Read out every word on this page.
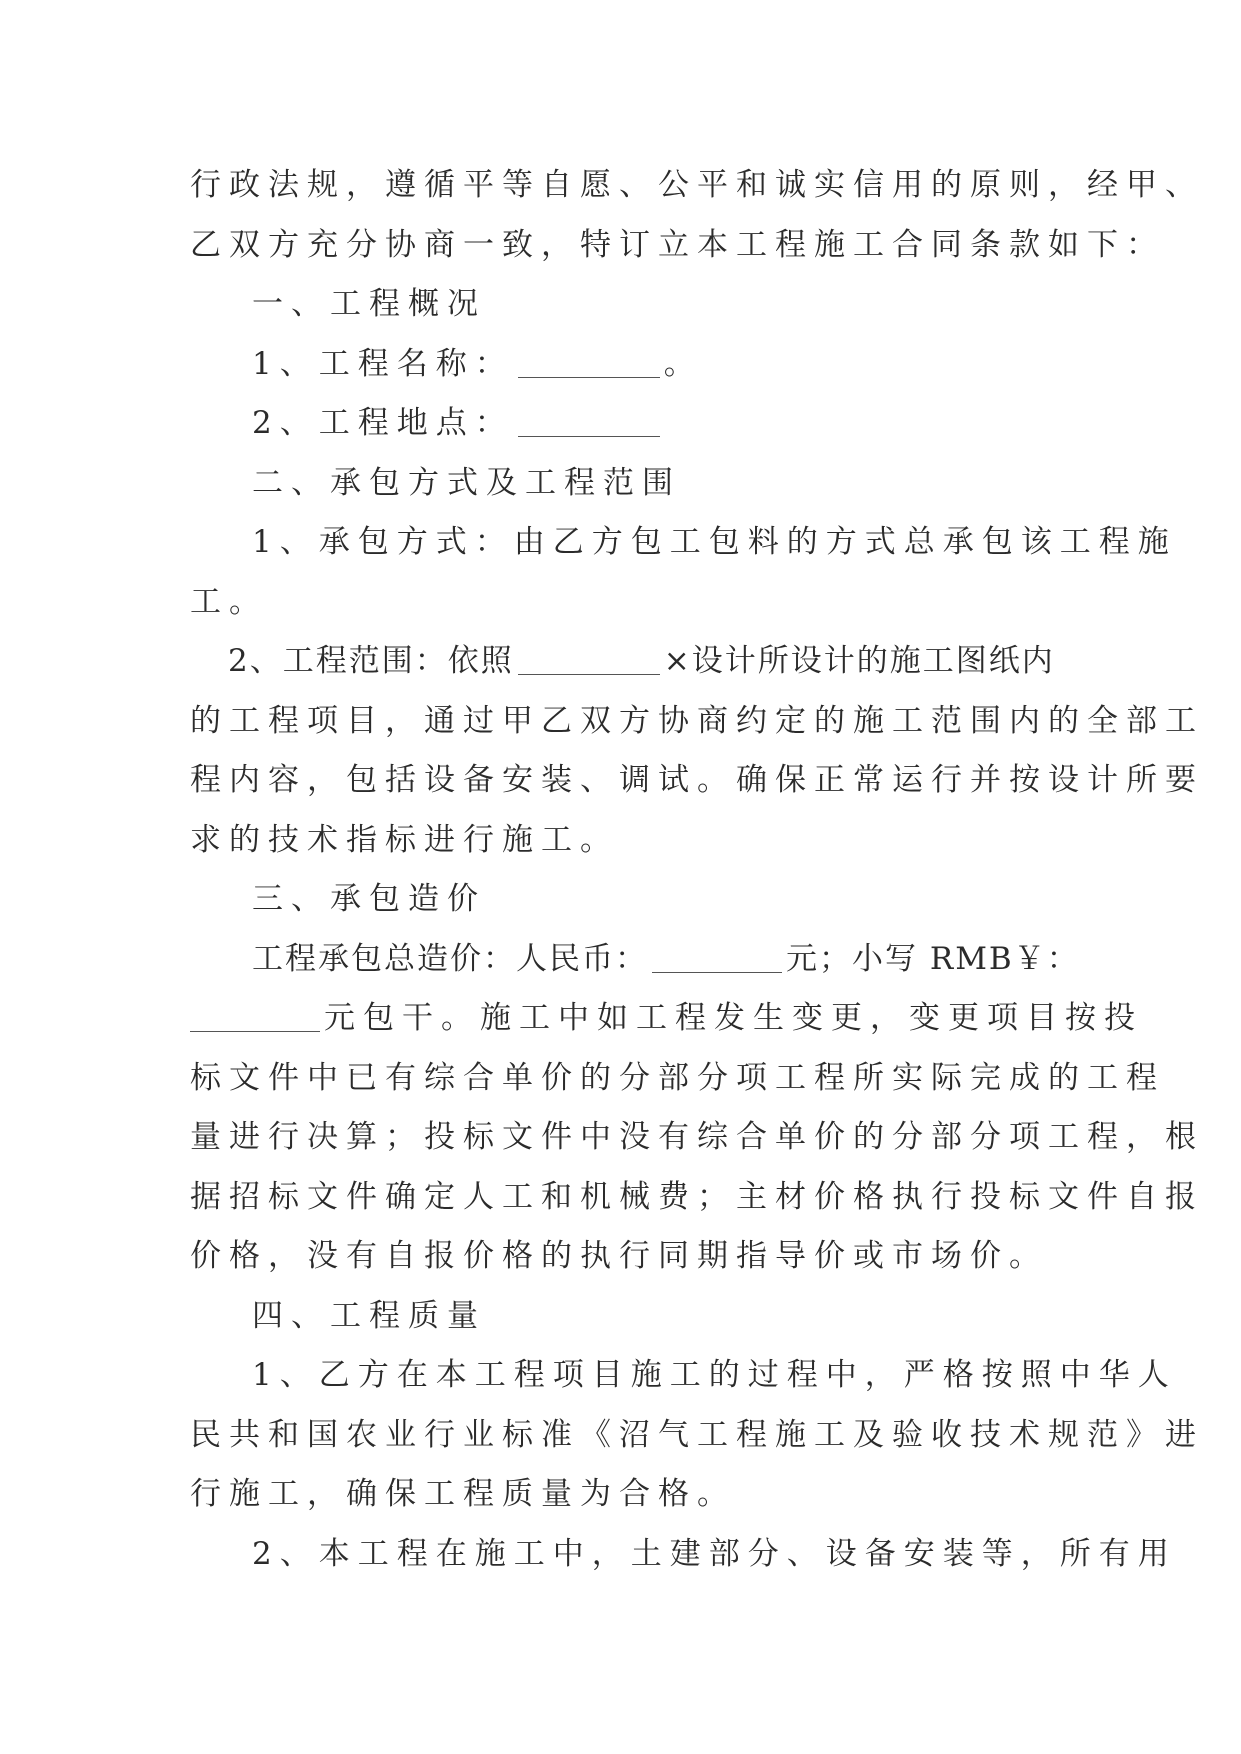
行政法规，遵循平等自愿、公平和诚实信用的原则，经甲、
乙双方充分协商一致，特订立本工程施工合同条款如下：
一、工程概况
1、工程名称：	。
2、工程地点：
二、承包方式及工程范围
1、承包方式：由乙方包工包料的方式总承包该工程施
工。
2、工程范围：依照	×设计所设计的施工图纸内
的工程项目，通过甲乙双方协商约定的施工范围内的全部工
程内容，包括设备安装、调试。确保正常运行并按设计所要
求的技术指标进行施工。
三、承包造价
工程承包总造价：人民币：	元；小写 RMB￥：
元包干。施工中如工程发生变更，变更项目按投
标文件中已有综合单价的分部分项工程所实际完成的工程
量进行决算；投标文件中没有综合单价的分部分项工程，根
据招标文件确定人工和机械费；主材价格执行投标文件自报
价格，没有自报价格的执行同期指导价或市场价。
四、工程质量
1、乙方在本工程项目施工的过程中，严格按照中华人
民共和国农业行业标准《沼气工程施工及验收技术规范》进
行施工，确保工程质量为合格。
2、本工程在施工中，土建部分、设备安装等，所有用
